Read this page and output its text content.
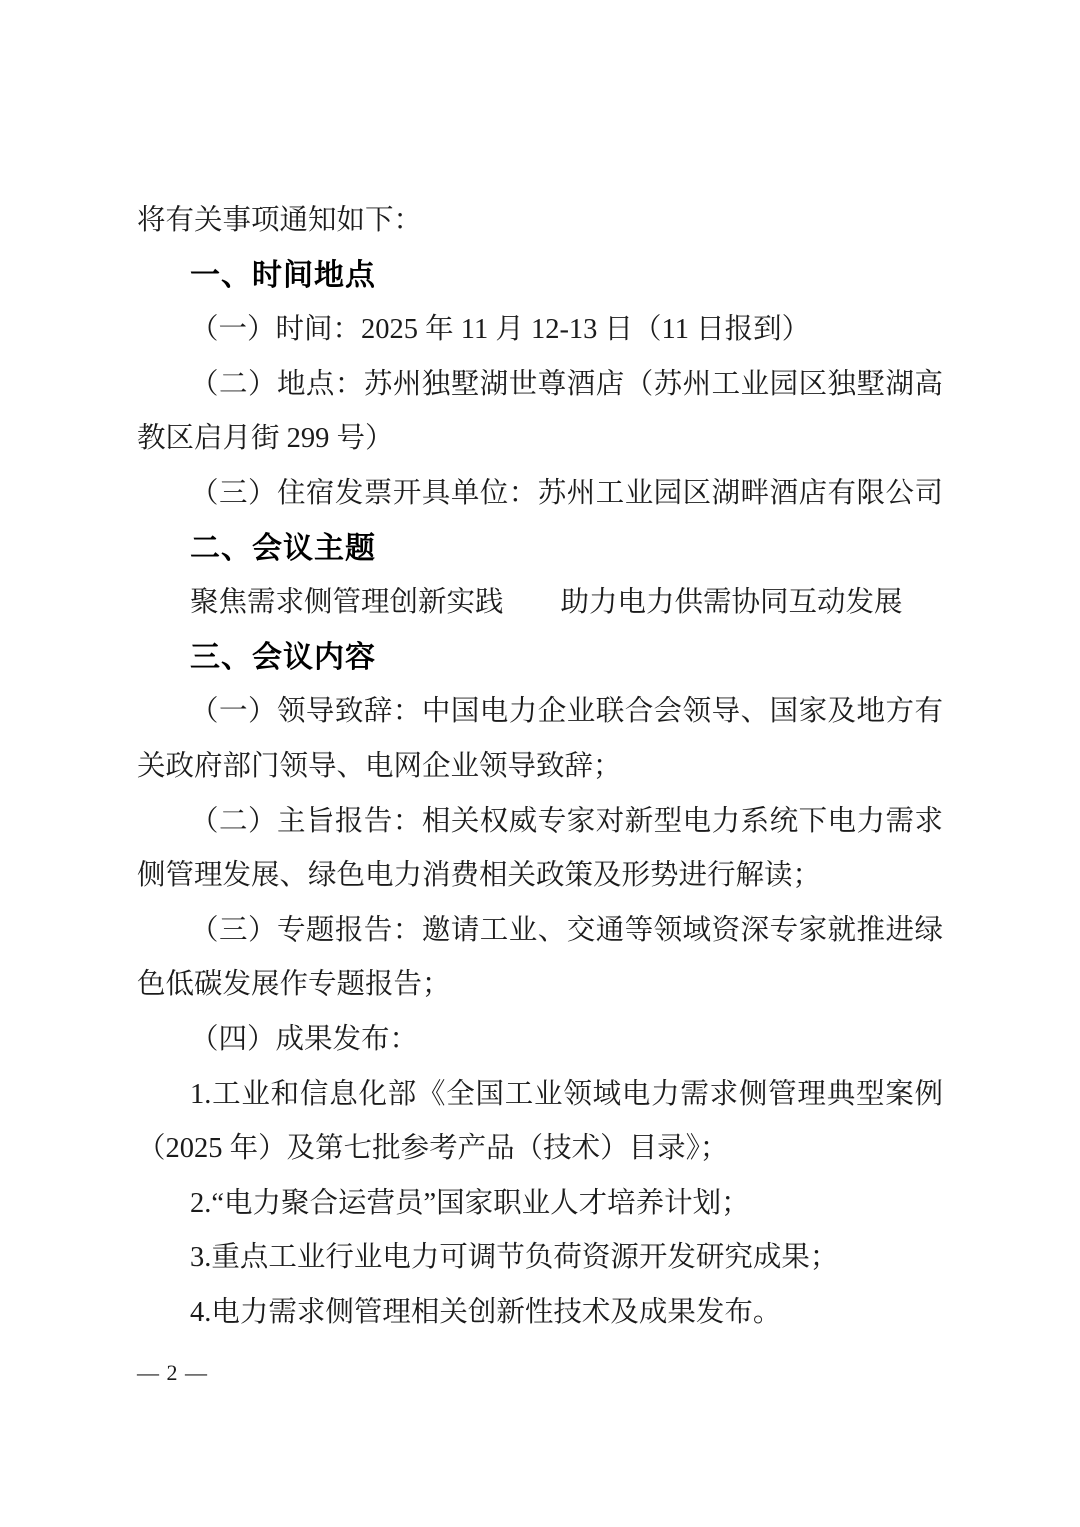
将有关事项通知如下：
一、时间地点
（一）时间：2025 年 11 月 12-13 日（11 日报到）
（二）地点：苏州独墅湖世尊酒店（苏州工业园区独墅湖高
教区启月街 299 号）
（三）住宿发票开具单位：苏州工业园区湖畔酒店有限公司
二、会议主题
聚焦需求侧管理创新实践　　助力电力供需协同互动发展
三、会议内容
（一）领导致辞：中国电力企业联合会领导、国家及地方有
关政府部门领导、电网企业领导致辞；
（二）主旨报告：相关权威专家对新型电力系统下电力需求
侧管理发展、绿色电力消费相关政策及形势进行解读；
（三）专题报告：邀请工业、交通等领域资深专家就推进绿
色低碳发展作专题报告；
（四）成果发布：
1.工业和信息化部《全国工业领域电力需求侧管理典型案例
（2025 年）及第七批参考产品（技术）目录》；
2.“电力聚合运营员”国家职业人才培养计划；
3.重点工业行业电力可调节负荷资源开发研究成果；
4.电力需求侧管理相关创新性技术及成果发布。
— 2 —
